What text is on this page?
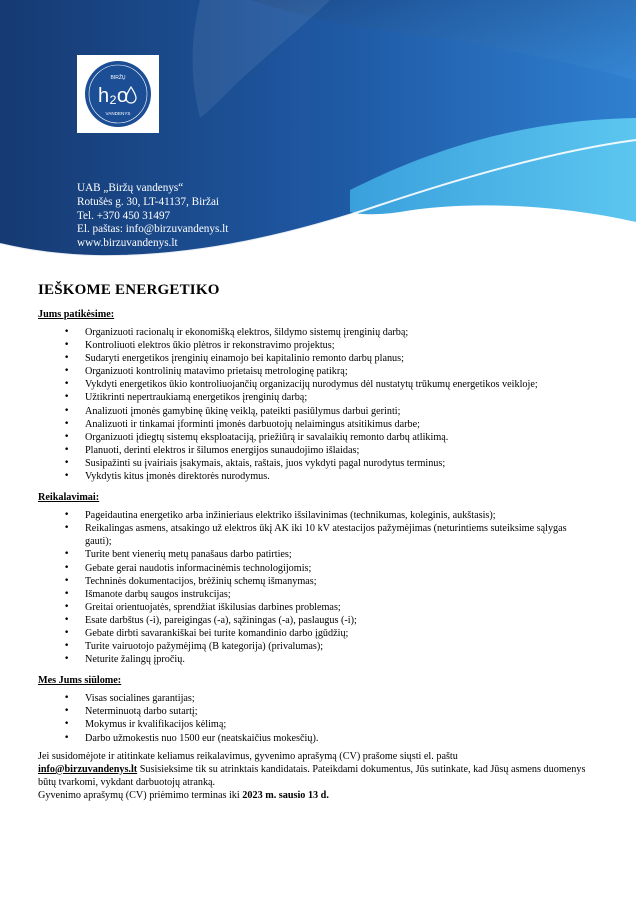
BIRŽŲ
h₂o
VANDENYS
UAB „Biržų vandenys“
Rotušės g. 30, LT-41137, Biržai
Tel. +370 450 31497
El. paštas: info@birzuvandenys.lt
www.birzuvandenys.lt
IEŠKOME ENERGETIKO
Jums patikėsime:
• Organizuoti racionalų ir ekonomišką elektros, šildymo sistemų įrenginių darbą;
• Kontroliuoti elektros ūkio plėtros ir rekonstravimo projektus;
• Sudaryti energetikos įrenginių einamojo bei kapitalinio remonto darbų planus;
• Organizuoti kontrolinių matavimo prietaisų metrologinę patikrą;
• Vykdyti energetikos ūkio kontroliuojančių organizacijų nurodymus dėl nustatytų trūkumų energetikos veikloje;
• Užtikrinti nepertraukiamą energetikos įrenginių darbą;
• Analizuoti įmonės gamybinę ūkinę veiklą, pateikti pasiūlymus darbui gerinti;
• Analizuoti ir tinkamai įforminti įmonės darbuotojų nelaimingus atsitikimus darbe;
• Organizuoti įdiegtų sistemų eksploataciją, priežiūrą ir savalaikių remonto darbų atlikimą.
• Planuoti, derinti elektros ir šilumos energijos sunaudojimo išlaidas;
• Susipažinti su įvairiais įsakymais, aktais, raštais, juos vykdyti pagal nurodytus terminus;
• Vykdytis kitus įmonės direktorės nurodymus.
Reikalavimai:
• Pageidautina energetiko arba inžinieriaus elektriko išsilavinimas (technikumas, koleginis, aukštasis);
• Reikalingas asmens, atsakingo už elektros ūkį AK iki 10 kV atestacijos pažymėjimas (neturintiems suteiksime sąlygas gauti);
• Turite bent vienerių metų panašaus darbo patirties;
• Gebate gerai naudotis informacinėmis technologijomis;
• Techninės dokumentacijos, brėžinių schemų išmanymas;
• Išmanote darbų saugos instrukcijas;
• Greitai orientuojatės, sprendžiat iškilusias darbines problemas;
• Esate darbštus (-i), pareigingas (-a), sąžiningas (-a), paslaugus (-i);
• Gebate dirbti savarankiškai bei turite komandinio darbo įgūdžių;
• Turite vairuotojo pažymėjimą (B kategorija) (privalumas);
• Neturite žalingų įpročių.
Mes Jums siūlome:
• Visas socialines garantijas;
• Neterminuotą darbo sutartį;
• Mokymus ir kvalifikacijos kėlimą;
• Darbo užmokestis nuo 1500 eur (neatskaičius mokesčių).
Jei susidomėjote ir atitinkate keliamus reikalavimus, gyvenimo aprašymą (CV) prašome siųsti el. paštu
info@birzuvandenys.lt Susisieksime tik su atrinktais kandidatais. Pateikdami dokumentus, Jūs sutinkate, kad Jūsų asmens duomenys būtų tvarkomi, vykdant darbuotojų atranką.
Gyvenimo aprašymų (CV) priėmimo terminas iki 2023 m. sausio 13 d.
